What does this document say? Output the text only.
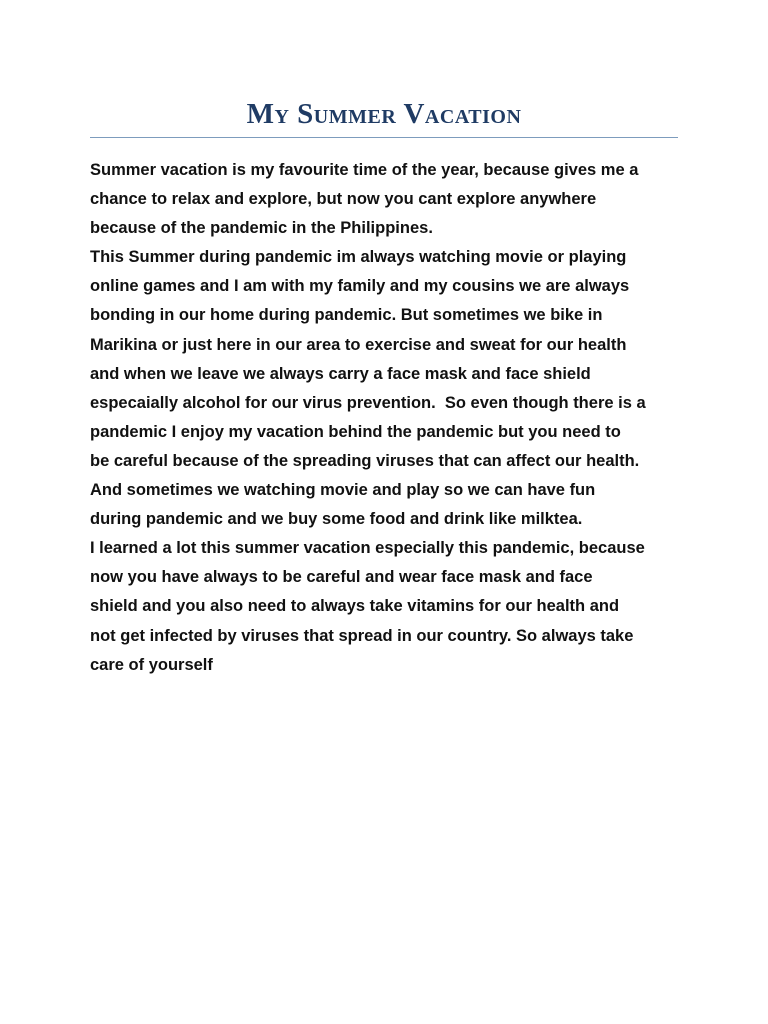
My Summer Vacation
Summer vacation is my favourite time of the year, because gives me a
chance to relax and explore, but now you cant explore anywhere
because of the pandemic in the Philippines.
This Summer during pandemic im always watching movie or playing
online games and I am with my family and my cousins we are always
bonding in our home during pandemic. But sometimes we bike in
Marikina or just here in our area to exercise and sweat for our health
and when we leave we always carry a face mask and face shield
especaially alcohol for our virus prevention.  So even though there is a
pandemic I enjoy my vacation behind the pandemic but you need to
be careful because of the spreading viruses that can affect our health.
And sometimes we watching movie and play so we can have fun
during pandemic and we buy some food and drink like milktea.
I learned a lot this summer vacation especially this pandemic, because
now you have always to be careful and wear face mask and face
shield and you also need to always take vitamins for our health and
not get infected by viruses that spread in our country. So always take
care of yourself
